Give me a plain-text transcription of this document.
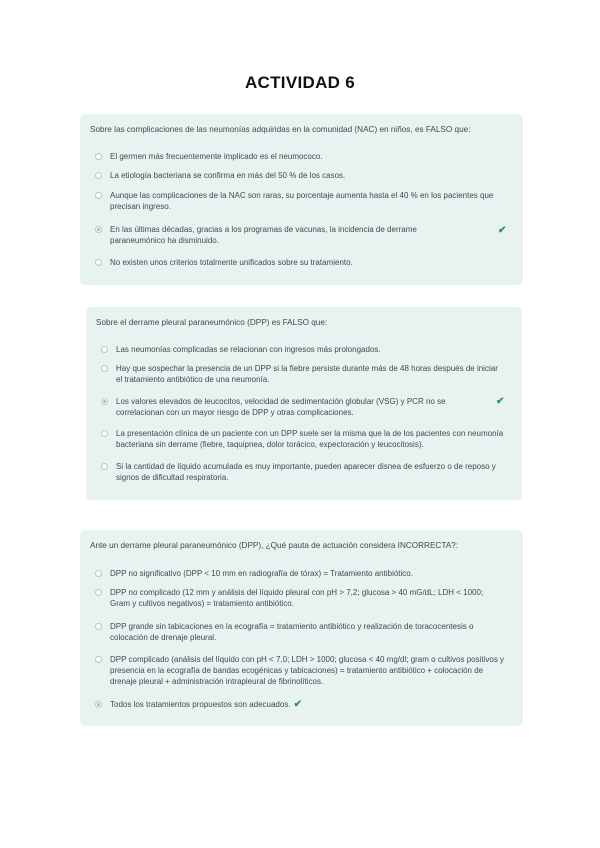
ACTIVIDAD 6
Sobre las complicaciones de las neumonías adquiridas en la comunidad (NAC) en niños, es FALSO que:
El germen más frecuentemente implicado es el neumococo.
La etiología bacteriana se confirma en más del 50 % de los casos.
Aunque las complicaciones de la NAC son raras, su porcentaje aumenta hasta el 40 % en los pacientes que precisan ingreso.
En las últimas décadas, gracias a los programas de vacunas, la incidencia de derrame paraneumónico ha disminuido.
✔
No existen unos criterios totalmente unificados sobre su tratamiento.
Sobre el derrame pleural paraneumónico (DPP) es FALSO que:
Las neumonías complicadas se relacionan con ingresos más prolongados.
Hay que sospechar la presencia de un DPP si la fiebre persiste durante más de 48 horas después de iniciar el tratamiento antibiótico de una neumonía.
Los valores elevados de leucocitos, velocidad de sedimentación globular (VSG) y PCR no se correlacionan con un mayor riesgo de DPP y otras complicaciones.
✔
La presentación clínica de un paciente con un DPP suele ser la misma que la de los pacientes con neumonía bacteriana sin derrame (fiebre, taquipnea, dolor torácico, expectoración y leucocitosis).
Si la cantidad de líquido acumulada es muy importante, pueden aparecer disnea de esfuerzo o de reposo y signos de dificultad respiratoria.
Ante un derrame pleural paraneumónico (DPP), ¿Qué pauta de actuación considera INCORRECTA?:
DPP no significativo (DPP < 10 mm en radiografía de tórax) = Tratamiento antibiótico.
DPP no complicado (12 mm y análisis del líquido pleural con pH > 7,2; glucosa > 40 mG/dL; LDH < 1000; Gram y cultivos negativos) = tratamiento antibiótico.
DPP grande sin tabicaciones en la ecografía = tratamiento antibiótico y realización de toracocentesis o colocación de drenaje pleural.
DPP complicado (análisis del líquido con pH < 7,0; LDH > 1000; glucosa < 40 mg/dl; gram o cultivos positivos y presencia en la ecografía de bandas ecogénicas y tabicaciones) = tratamiento antibiótico + colocación de drenaje pleural + administración intrapleural de fibrinolíticos.
Todos los tratamientos propuestos son adecuados. ✔
